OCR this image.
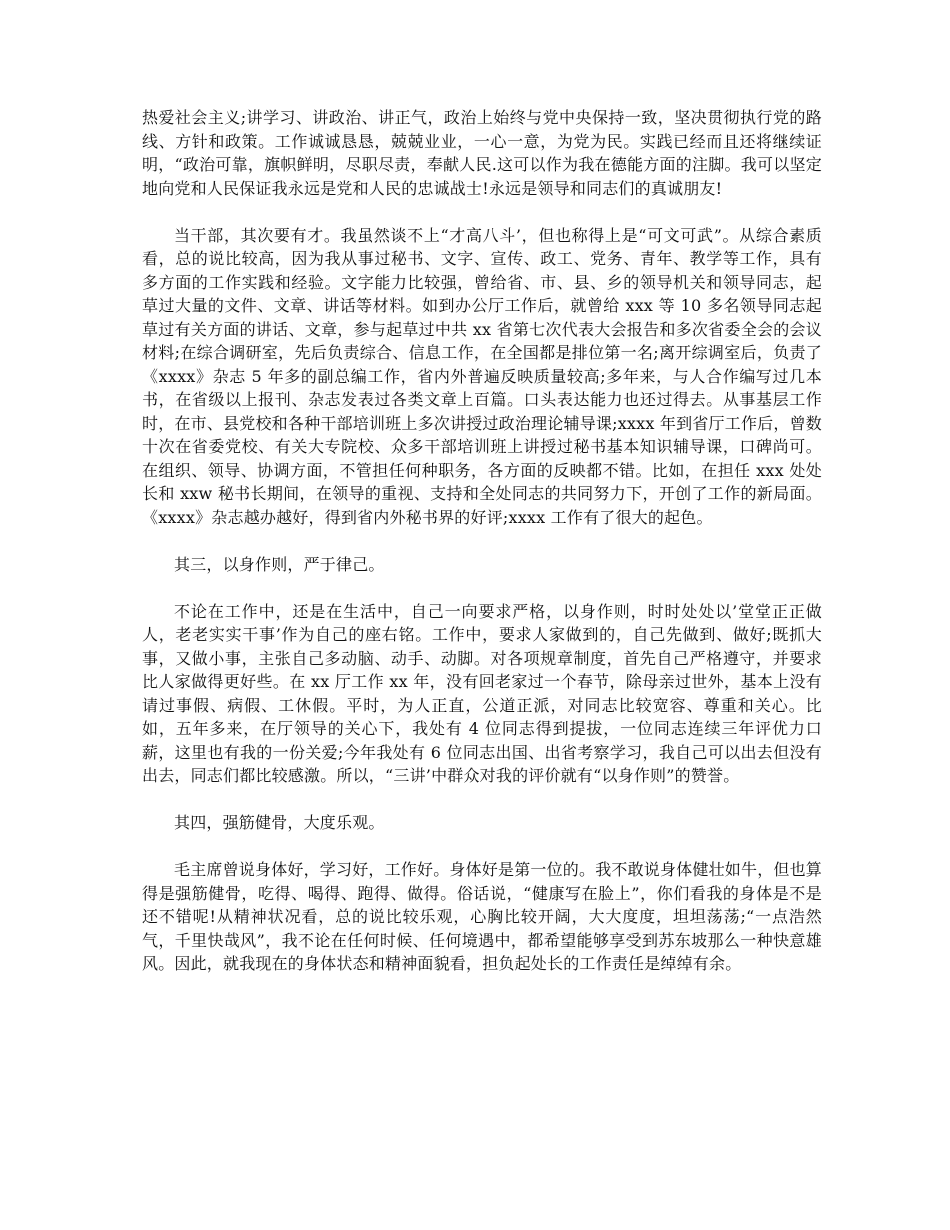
热爱社会主义;讲学习、讲政治、讲正气，政治上始终与党中央保持一致，坚决贯彻执行党的路线、方针和政策。工作诚诚恳恳，兢兢业业，一心一意，为党为民。实践已经而且还将继续证明，“政治可靠，旗帜鲜明，尽职尽责，奉献人民.这可以作为我在德能方面的注脚。我可以坚定地向党和人民保证我永远是党和人民的忠诚战士!永远是领导和同志们的真诚朋友!

当干部，其次要有才。我虽然谈不上“才高八斗’，但也称得上是“可文可武”。从综合素质看，总的说比较高，因为我从事过秘书、文字、宣传、政工、党务、青年、教学等工作，具有多方面的工作实践和经验。文字能力比较强，曾给省、市、县、乡的领导机关和领导同志，起草过大量的文件、文章、讲话等材料。如到办公厅工作后，就曾给 xxx 等 10 多名领导同志起草过有关方面的讲话、文章，参与起草过中共 xx 省第七次代表大会报告和多次省委全会的会议材料;在综合调研室，先后负责综合、信息工作，在全国都是排位第一名;离开综调室后，负责了《xxxx》杂志 5 年多的副总编工作，省内外普遍反映质量较高;多年来，与人合作编写过几本书，在省级以上报刊、杂志发表过各类文章上百篇。口头表达能力也还过得去。从事基层工作时，在市、县党校和各种干部培训班上多次讲授过政治理论辅导课;xxxx 年到省厅工作后，曾数十次在省委党校、有关大专院校、众多干部培训班上讲授过秘书基本知识辅导课，口碑尚可。在组织、领导、协调方面，不管担任何种职务，各方面的反映都不错。比如，在担任 xxx 处处长和 xxw 秘书长期间，在领导的重视、支持和全处同志的共同努力下，开创了工作的新局面。《xxxx》杂志越办越好，得到省内外秘书界的好评;xxxx 工作有了很大的起色。

其三，以身作则，严于律己。

不论在工作中，还是在生活中，自己一向要求严格，以身作则，时时处处以’堂堂正正做人，老老实实干事’作为自己的座右铭。工作中，要求人家做到的，自己先做到、做好;既抓大事，又做小事，主张自己多动脑、动手、动脚。对各项规章制度，首先自己严格遵守，并要求比人家做得更好些。在 xx 厅工作 xx 年，没有回老家过一个春节，除母亲过世外，基本上没有请过事假、病假、工休假。平时，为人正直，公道正派，对同志比较宽容、尊重和关心。比如，五年多来，在厅领导的关心下，我处有 4 位同志得到提拔，一位同志连续三年评优力口薪，这里也有我的一份关爱;今年我处有 6 位同志出国、出省考察学习，我自己可以出去但没有出去，同志们都比较感激。所以，“三讲’中群众对我的评价就有“以身作则”的赞誉。

其四，强筋健骨，大度乐观。

毛主席曾说身体好，学习好，工作好。身体好是第一位的。我不敢说身体健壮如牛，但也算得是强筋健骨，吃得、喝得、跑得、做得。俗话说，“健康写在脸上”，你们看我的身体是不是还不错呢!从精神状况看，总的说比较乐观，心胸比较开阔，大大度度，坦坦荡荡;“一点浩然气，千里快哉风”，我不论在任何时候、任何境遇中，都希望能够享受到苏东坡那么一种快意雄风。因此，就我现在的身体状态和精神面貌看，担负起处长的工作责任是绰绰有余。
